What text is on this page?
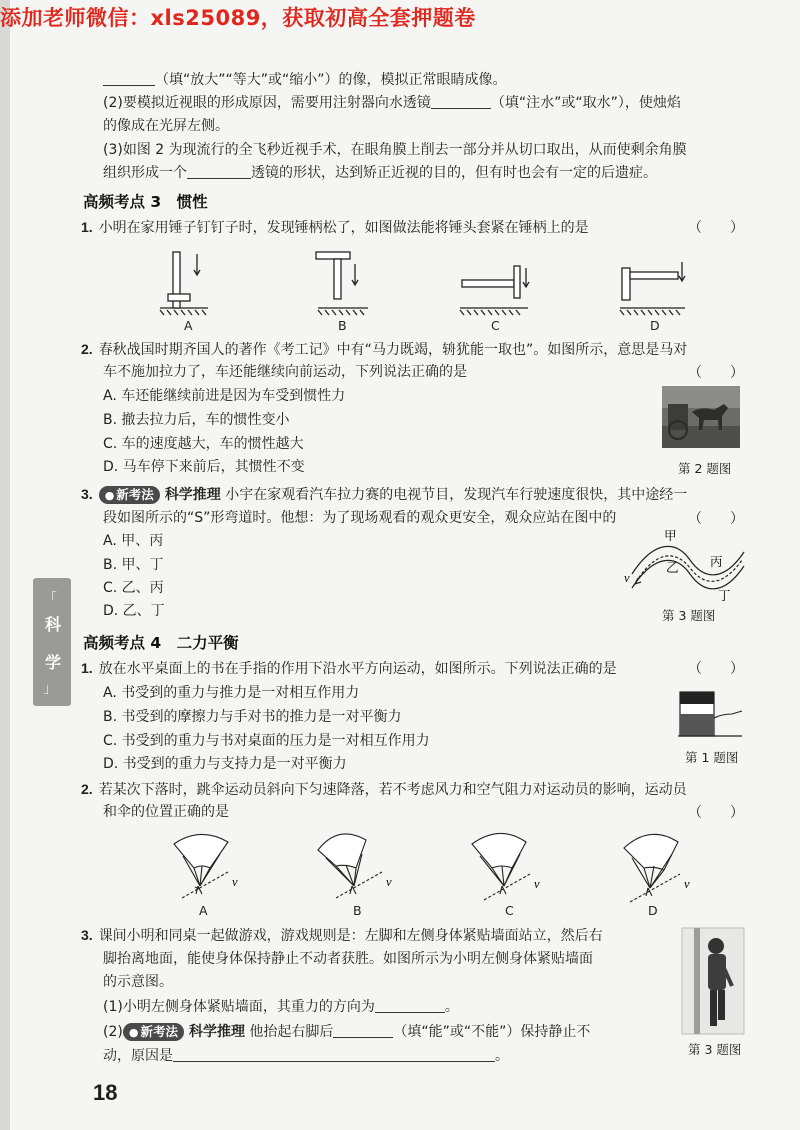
添加老师微信：xls25089，获取初高全套押题卷
「
科
学
」
（填“放大”“等大”或“缩小”）的像，模拟正常眼睛成像。
(2)要模拟近视眼的形成原因，需要用注射器向水透镜	（填“注水”或“取水”），使烛焰
的像成在光屏左侧。
(3)如图 2 为现流行的全飞秒近视手术，在眼角膜上削去一部分并从切口取出，从而使剩余角膜
组织形成一个	透镜的形状，达到矫正近视的目的，但有时也会有一定的后遗症。
高频考点 3　惯性
1. 小明在家用锤子钉钉子时，发现锤柄松了，如图做法能将锤头套紧在锤柄上的是	（　　）
A	B	C	D
2. 春秋战国时期齐国人的著作《考工记》中有“马力既竭，辀犹能一取也”。如图所示，意思是马对
车不施加拉力了，车还能继续向前运动，下列说法正确的是	（　　）
A. 车还能继续前进是因为车受到惯性力
B. 撤去拉力后，车的惯性变小
C. 车的速度越大，车的惯性越大
D. 马车停下来前后，其惯性不变	第 2 题图
3. ● 新考法 科学推理 小宇在家观看汽车拉力赛的电视节目，发现汽车行驶速度很快，其中途经一
段如图所示的“S”形弯道时。他想：为了现场观看的观众更安全，观众应站在图中的	（　　）
A. 甲、丙
B. 甲、丁
C. 乙、丙
D. 乙、丁
甲
乙	丙
丁
v
第 3 题图
高频考点 4　二力平衡
1. 放在水平桌面上的书在手指的作用下沿水平方向运动，如图所示。下列说法正确的是	（　　）
A. 书受到的重力与推力是一对相互作用力
B. 书受到的摩擦力与手对书的推力是一对平衡力
C. 书受到的重力与书对桌面的压力是一对相互作用力
D. 书受到的重力与支持力是一对平衡力	第 1 题图
2. 若某次下落时，跳伞运动员斜向下匀速降落，若不考虑风力和空气阻力对运动员的影响，运动员
和伞的位置正确的是	（　　）
v	v	v	v
A	B	C	D
3. 课间小明和同桌一起做游戏，游戏规则是：左脚和左侧身体紧贴墙面站立，然后右
脚抬离地面，能使身体保持静止不动者获胜。如图所示为小明左侧身体紧贴墙面
的示意图。
(1)小明左侧身体紧贴墙面，其重力的方向为	。
(2) ● 新考法 科学推理 他抬起右脚后	（填“能”或“不能”）保持静止不
动，原因是	。	第 3 题图
18
